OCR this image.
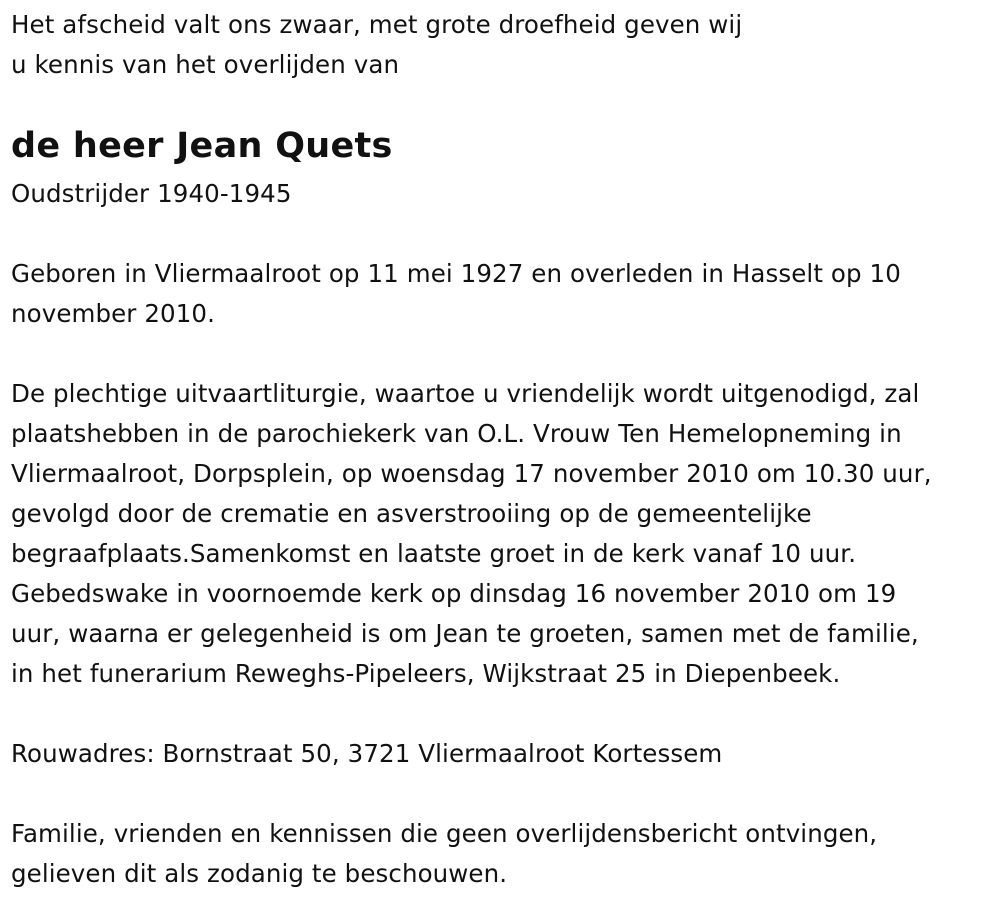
Het afscheid valt ons zwaar, met grote droefheid geven wij
u kennis van het overlijden van
de heer Jean Quets
Oudstrijder 1940-1945
Geboren in Vliermaalroot op 11 mei 1927 en overleden in Hasselt op 10
november 2010.
De plechtige uitvaartliturgie, waartoe u vriendelijk wordt uitgenodigd, zal
plaatshebben in de parochiekerk van O.L. Vrouw Ten Hemelopneming in
Vliermaalroot, Dorpsplein, op woensdag 17 november 2010 om 10.30 uur,
gevolgd door de crematie en asverstrooiing op de gemeentelijke
begraafplaats.Samenkomst en laatste groet in de kerk vanaf 10 uur.
Gebedswake in voornoemde kerk op dinsdag 16 november 2010 om 19
uur, waarna er gelegenheid is om Jean te groeten, samen met de familie,
in het funerarium Reweghs-Pipeleers, Wijkstraat 25 in Diepenbeek.
Rouwadres: Bornstraat 50, 3721 Vliermaalroot Kortessem
Familie, vrienden en kennissen die geen overlijdensbericht ontvingen,
gelieven dit als zodanig te beschouwen.
